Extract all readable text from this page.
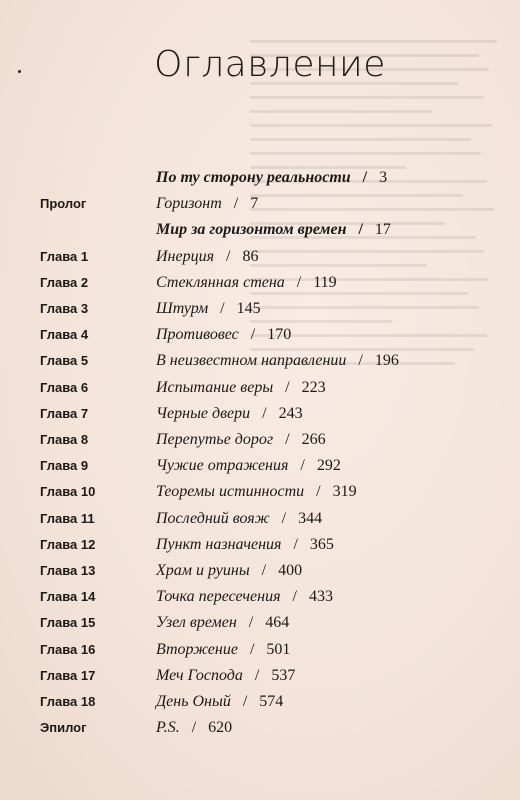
Оглавление
По ту сторону реальности / 3
Пролог	Горизонт / 7
Мир за горизонтом времен / 17
Глава 1	Инерция / 86
Глава 2	Стеклянная стена / 119
Глава 3	Штурм / 145
Глава 4	Противовес / 170
Глава 5	В неизвестном направлении / 196
Глава 6	Испытание веры / 223
Глава 7	Черные двери / 243
Глава 8	Перепутье дорог / 266
Глава 9	Чужие отражения / 292
Глава 10	Теоремы истинности / 319
Глава 11	Последний вояж / 344
Глава 12	Пункт назначения / 365
Глава 13	Храм и руины / 400
Глава 14	Точка пересечения / 433
Глава 15	Узел времен / 464
Глава 16	Вторжение / 501
Глава 17	Меч Господа / 537
Глава 18	День Оный / 574
Эпилог	P.S. / 620
